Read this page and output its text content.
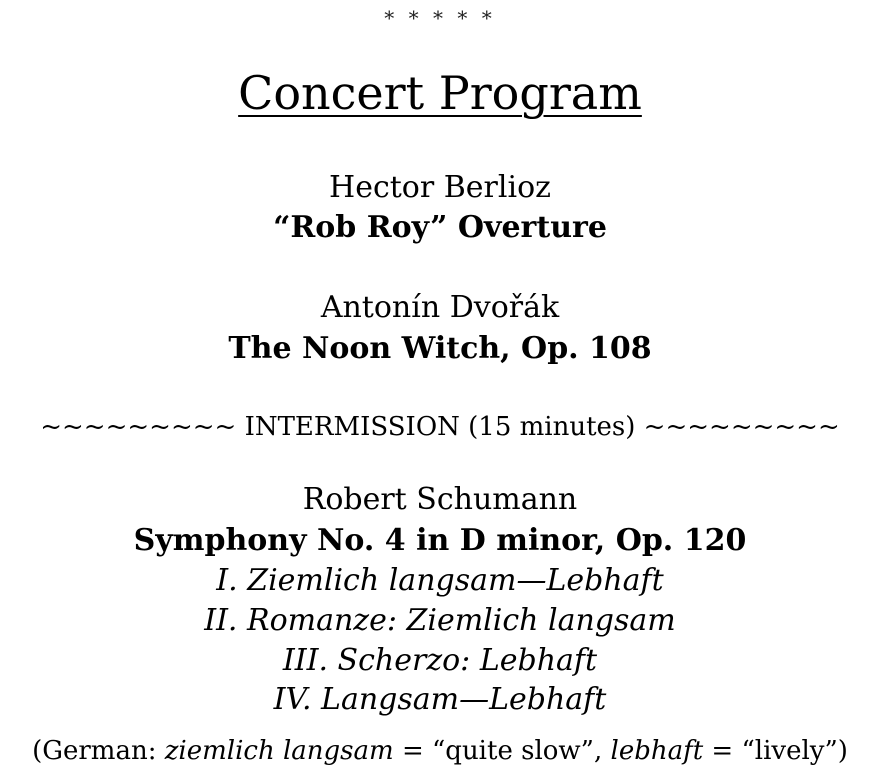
* * * * *
Concert Program
Hector Berlioz
“Rob Roy” Overture
Antonín Dvořák
The Noon Witch, Op. 108
~~~~~~~~~ INTERMISSION (15 minutes) ~~~~~~~~~
Robert Schumann
Symphony No. 4 in D minor, Op. 120
I. Ziemlich langsam—Lebhaft
II. Romanze: Ziemlich langsam
III. Scherzo: Lebhaft
IV. Langsam—Lebhaft
(German: ziemlich langsam = “quite slow”, lebhaft = “lively”)
